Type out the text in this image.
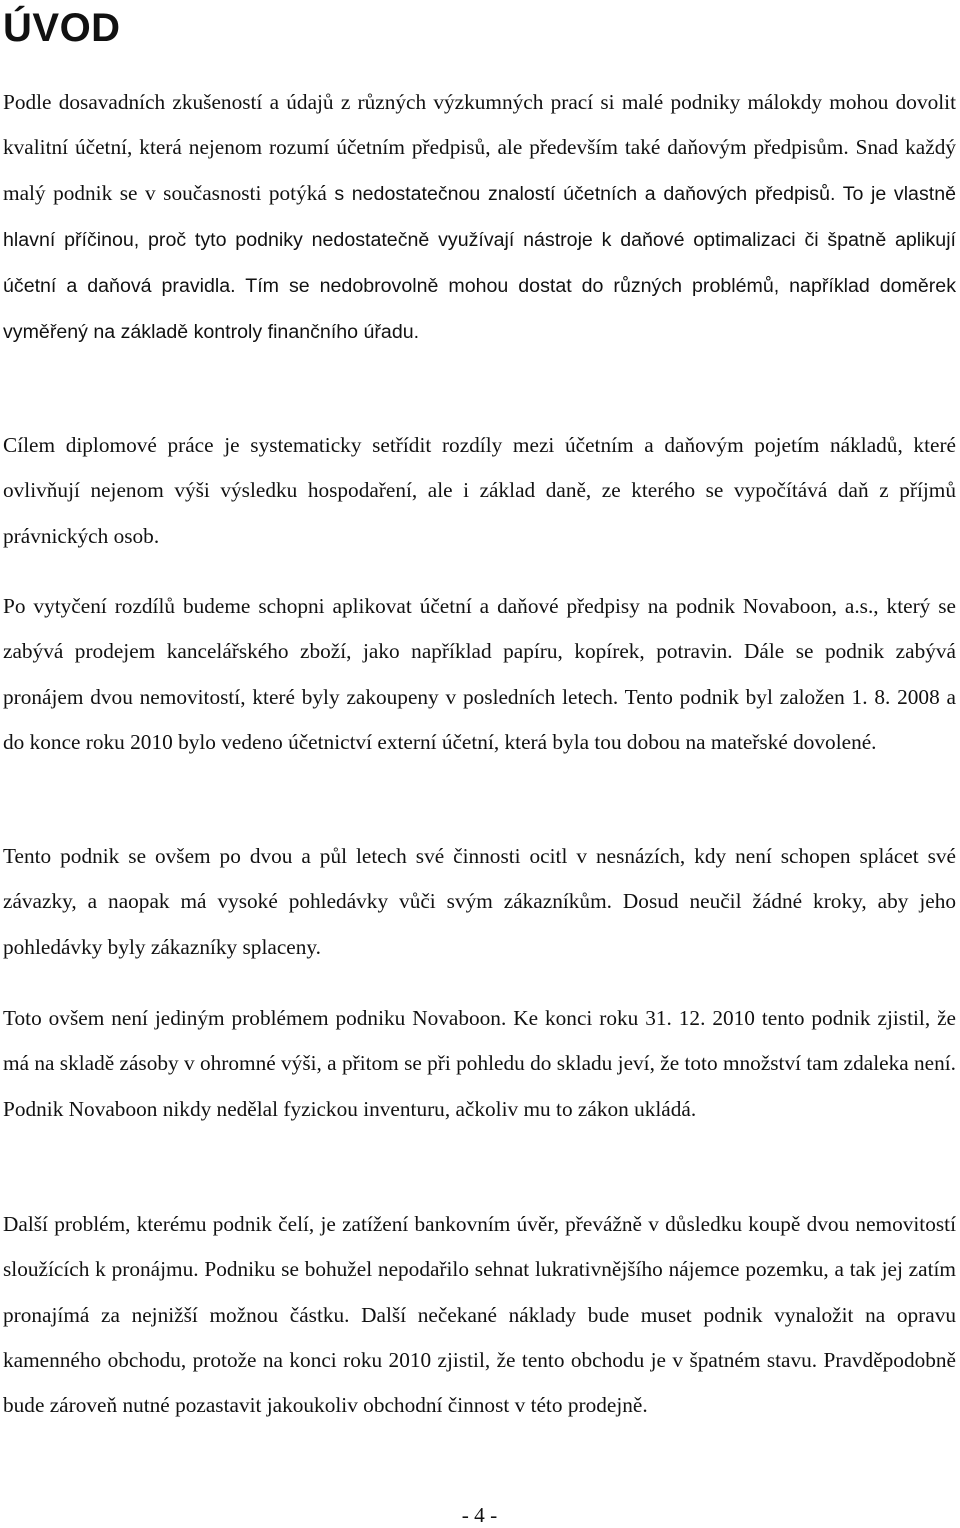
ÚVOD

Podle dosavadních zkušeností a údajů z různých výzkumných prací si malé podniky málokdy mohou dovolit kvalitní účetní, která nejenom rozumí účetním předpisů, ale především také daňovým předpisům. Snad každý malý podnik se v současnosti potýká s nedostatečnou znalostí účetních a daňových předpisů. To je vlastně hlavní příčinou, proč tyto podniky nedostatečně využívají nástroje k daňové optimalizaci či špatně aplikují účetní a daňová pravidla. Tím se nedobrovolně mohou dostat do různých problémů, například doměrek vyměřený na základě kontroly finančního úřadu.

Cílem diplomové práce je systematicky setřídit rozdíly mezi účetním a daňovým pojetím nákladů, které ovlivňují nejenom výši výsledku hospodaření, ale i základ daně, ze kterého se vypočítává daň z příjmů právnických osob.

Po vytyčení rozdílů budeme schopni aplikovat účetní a daňové předpisy na podnik Novaboon, a.s., který se zabývá prodejem kancelářského zboží, jako například papíru, kopírek, potravin. Dále se podnik zabývá pronájem dvou nemovitostí, které byly zakoupeny v posledních letech. Tento podnik byl založen 1. 8. 2008 a do konce roku 2010 bylo vedeno účetnictví externí účetní, která byla tou dobou na mateřské dovolené.

Tento podnik se ovšem po dvou a půl letech své činnosti ocitl v nesnázích, kdy není schopen splácet své závazky, a naopak má vysoké pohledávky vůči svým zákazníkům. Dosud neučil žádné kroky, aby jeho pohledávky byly zákazníky splaceny.

Toto ovšem není jediným problémem podniku Novaboon. Ke konci roku 31. 12. 2010 tento podnik zjistil, že má na skladě zásoby v ohromné výši, a přitom se při pohledu do skladu jeví, že toto množství tam zdaleka není. Podnik Novaboon nikdy nedělal fyzickou inventuru, ačkoliv mu to zákon ukládá.

Další problém, kterému podnik čelí, je zatížení bankovním úvěr, převážně v důsledku koupě dvou nemovitostí sloužících k pronájmu. Podniku se bohužel nepodařilo sehnat lukrativnějšího nájemce pozemku, a tak jej zatím pronajímá za nejnižší možnou částku. Další nečekané náklady bude muset podnik vynaložit na opravu kamenného obchodu, protože na konci roku 2010 zjistil, že tento obchodu je v špatném stavu. Pravděpodobně bude zároveň nutné pozastavit jakoukoliv obchodní činnost v této prodejně.

- 4 -
